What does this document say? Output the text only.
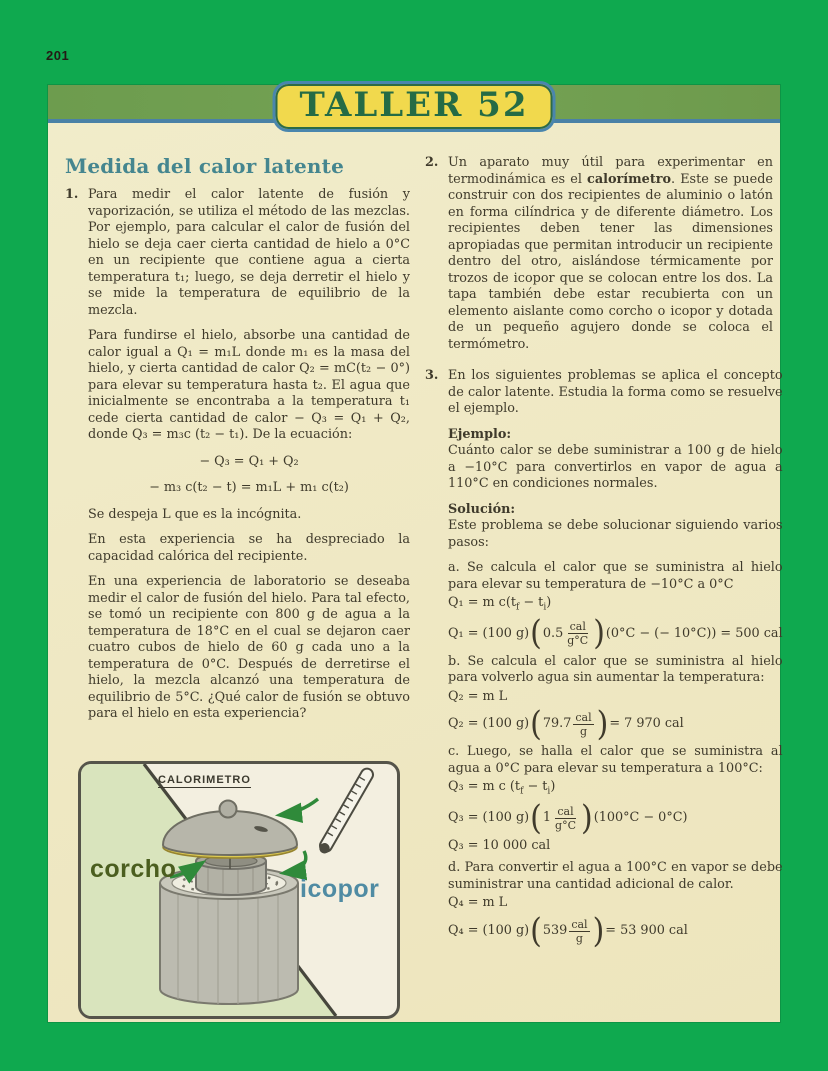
201
TALLER 52
Medida del calor latente
1. Para medir el calor latente de fusión y vaporización, se utiliza el método de las mezclas. Por ejemplo, para calcular el calor de fusión del hielo se deja caer cierta cantidad de hielo a 0°C en un recipiente que contiene agua a cierta temperatura t₁; luego, se deja derretir el hielo y se mide la temperatura de equilibrio de la mezcla.

Para fundirse el hielo, absorbe una cantidad de calor igual a Q₁ = m₁L donde m₁ es la masa del hielo, y cierta cantidad de calor Q₂ = mC(t₂ − 0°) para elevar su temperatura hasta t₂. El agua que inicialmente se encontraba a la temperatura t₁ cede cierta cantidad de calor − Q₃ = Q₁ + Q₂, donde Q₃ = m₃c (t₂ − t₁). De la ecuación:

− Q₃ = Q₁ + Q₂
− m₃ c(t₂ − t) = m₁L + m₁ c(t₂)

Se despeja L que es la incógnita.

En esta experiencia se ha despreciado la capacidad calórica del recipiente.

En una experiencia de laboratorio se deseaba medir el calor de fusión del hielo. Para tal efecto, se tomó un recipiente con 800 g de agua a la temperatura de 18°C en el cual se dejaron caer cuatro cubos de hielo de 60 g cada uno a la temperatura de 0°C. Después de derretirse el hielo, la mezcla alcanzó una temperatura de equilibrio de 5°C. ¿Qué calor de fusión se obtuvo para el hielo en esta experiencia?

CALORIMETRO
corcho
icopor
2. Un aparato muy útil para experimentar en termodinámica es el calorímetro. Este se puede construir con dos recipientes de aluminio o latón en forma cilíndrica y de diferente diámetro. Los recipientes deben tener las dimensiones apropiadas que permitan introducir un recipiente dentro del otro, aislándose térmicamente por trozos de icopor que se colocan entre los dos. La tapa también debe estar recubierta con un elemento aislante como corcho o icopor y dotada de un pequeño agujero donde se coloca el termómetro.

3. En los siguientes problemas se aplica el concepto de calor latente. Estudia la forma como se resuelve el ejemplo.

Ejemplo:

Cuánto calor se debe suministrar a 100 g de hielo a −10°C para convertirlos en vapor de agua a 110°C en condiciones normales.

Solución:

Este problema se debe solucionar siguiendo varios pasos:

a. Se calcula el calor que se suministra al hielo para elevar su temperatura de −10°C a 0°C

Q₁ = m $c(t_f - t_i)$
Q₁ = (100 g) ( $0.5 \frac{\text{cal}}{g^\circ C}$ ) (0°C − (− 10°C)) = 500 cal

b. Se calcula el calor que se suministra al hielo para volverlo agua sin aumentar la temperatura:

Q₂ = m L
Q₂ = (100 g) ( $79.7 \frac{\text{cal}}{g}$ ) = 7 970 cal

c. Luego, se halla el calor que se suministra al agua a 0°C para elevar su temperatura a 100°C:

Q₃ = m c $(t_f - t_i)$
Q₃ = (100 g) ( $1 \frac{\text{cal}}{g^\circ C}$ ) (100°C − 0°C)
Q₃ = 10 000 cal

d. Para convertir el agua a 100°C en vapor se debe suministrar una cantidad adicional de calor.

Q₄ = m L
Q₄ = (100 g) ( $539 \frac{\text{cal}}{g}$ ) = 53 900 cal
